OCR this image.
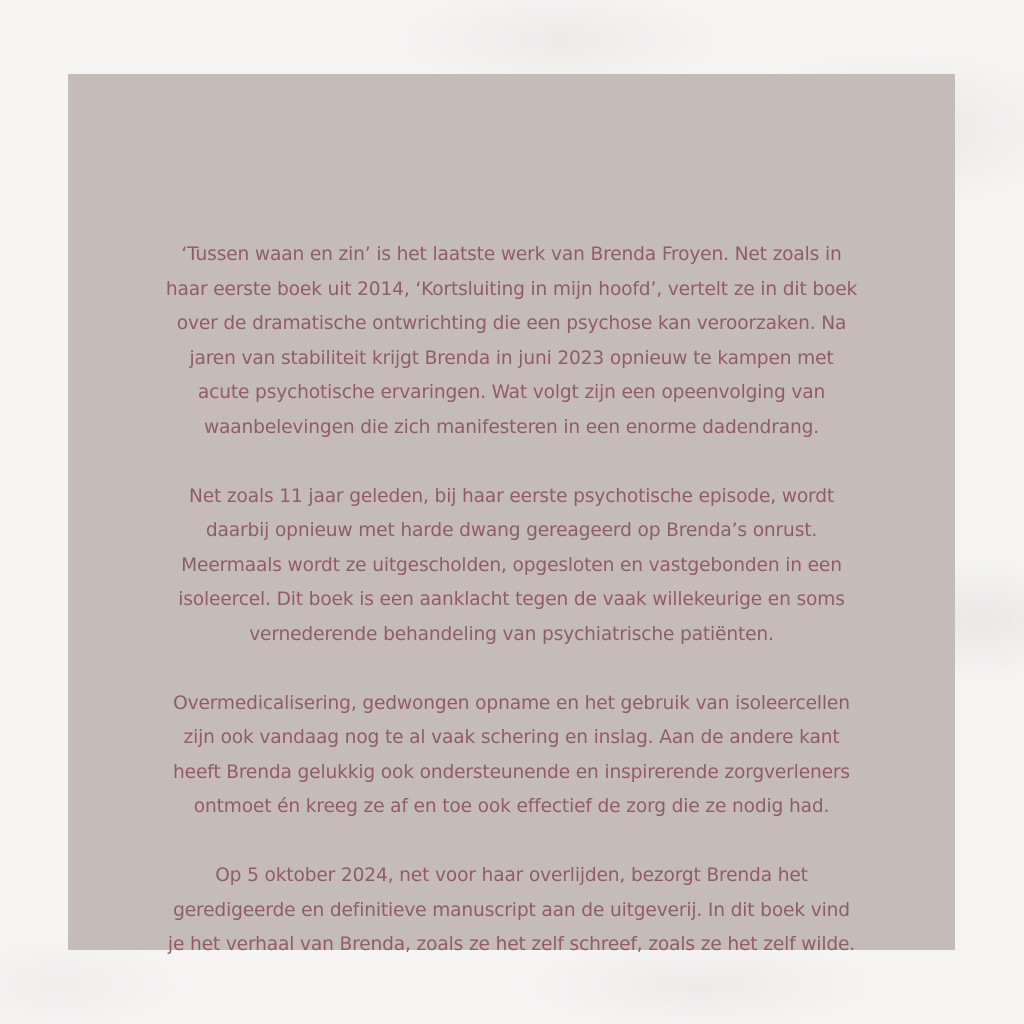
‘Tussen waan en zin’ is het laatste werk van Brenda Froyen. Net zoals in
haar eerste boek uit 2014, ‘Kortsluiting in mijn hoofd’, vertelt ze in dit boek
over de dramatische ontwrichting die een psychose kan veroorzaken. Na
jaren van stabiliteit krijgt Brenda in juni 2023 opnieuw te kampen met
acute psychotische ervaringen. Wat volgt zijn een opeenvolging van
waanbelevingen die zich manifesteren in een enorme dadendrang.
Net zoals 11 jaar geleden, bij haar eerste psychotische episode, wordt
daarbij opnieuw met harde dwang gereageerd op Brenda’s onrust.
Meermaals wordt ze uitgescholden, opgesloten en vastgebonden in een
isoleercel. Dit boek is een aanklacht tegen de vaak willekeurige en soms
vernederende behandeling van psychiatrische patiënten.
Overmedicalisering, gedwongen opname en het gebruik van isoleercellen
zijn ook vandaag nog te al vaak schering en inslag. Aan de andere kant
heeft Brenda gelukkig ook ondersteunende en inspirerende zorgverleners
ontmoet én kreeg ze af en toe ook effectief de zorg die ze nodig had.
Op 5 oktober 2024, net voor haar overlijden, bezorgt Brenda het
geredigeerde en definitieve manuscript aan de uitgeverij. In dit boek vind
je het verhaal van Brenda, zoals ze het zelf schreef, zoals ze het zelf wilde.
